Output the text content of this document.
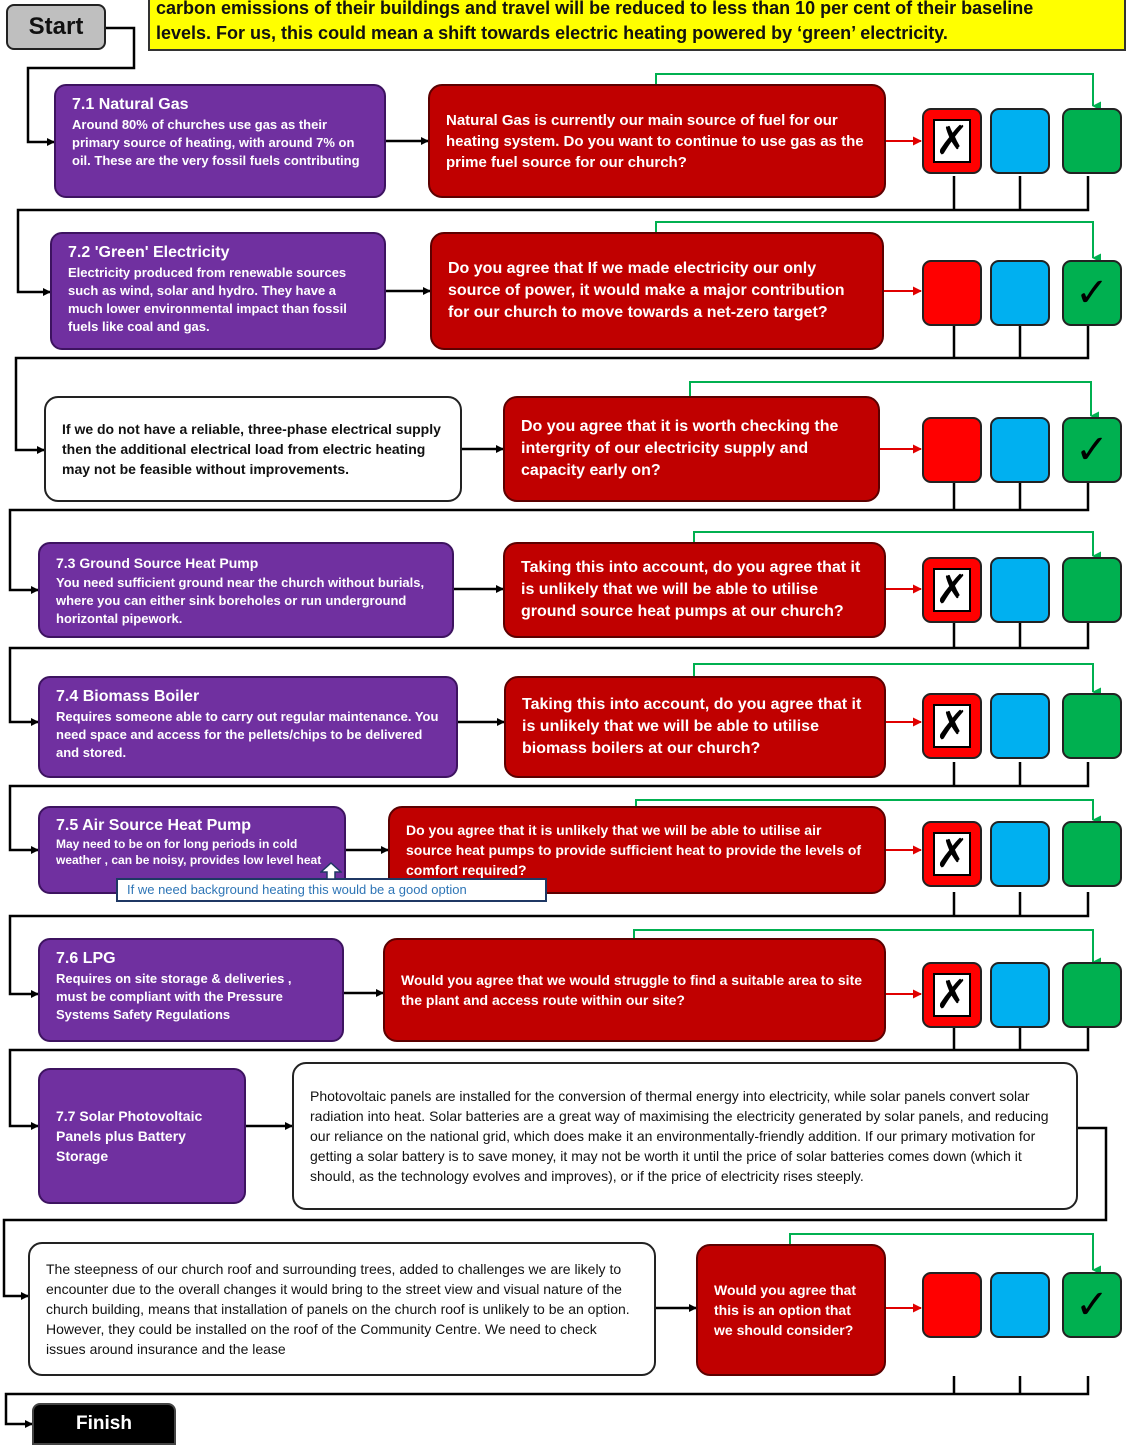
Start
carbon emissions of their buildings and travel will be reduced to less than 10 per cent of their baseline
levels. For us, this could mean a shift towards electric heating powered by ‘green’ electricity.
7.1 Natural Gas
Around 80% of churches use gas as their primary source of heating, with around 7% on oil. These are the very fossil fuels contributing
Natural Gas is currently our main source of fuel for our heating system. Do you want to continue to use gas as the prime fuel source for our church?	✗
7.2 'Green' Electricity
Electricity produced from renewable sources such as wind, solar and hydro. They have a much lower environmental impact than fossil fuels like coal and gas.
Do you agree that If we made electricity our only source of power, it would make a major contribution for our church to move towards a net-zero target?	✓
If we do not have a reliable, three-phase electrical supply then the additional electrical load from electric heating may not be feasible without improvements.
Do you agree that it is worth checking the intergrity of our electricity supply and capacity early on?	✓
7.3 Ground Source Heat Pump
You need sufficient ground near the church without burials, where you can either sink boreholes or run underground horizontal pipework.
Taking this into account, do you agree that it is unlikely that we will be able to utilise ground source heat pumps at our church?	✗
7.4 Biomass Boiler
Requires someone able to carry out regular maintenance. You need space and access for the pellets/chips to be delivered and stored.
Taking this into account, do you agree that it is unlikely that we will be able to utilise biomass boilers at our church?
✗
7.5 Air Source Heat Pump
May need to be on for long periods in cold weather , can be noisy, provides low level heat
Do you agree that it is unlikely that we will be able to utilise air source heat pumps to provide sufficient heat to provide the levels of comfort required?
If we need background heating this would be a good option
✗
7.6 LPG
Requires on site storage & deliveries , must be compliant with the Pressure Systems Safety Regulations
Would you agree that we would struggle to find a suitable area to site the plant and access route within our site?	✗
7.7 Solar Photovoltaic Panels plus Battery Storage
Photovoltaic panels are installed for the conversion of thermal energy into electricity, while solar panels convert solar radiation into heat. Solar batteries are a great way of maximising the electricity generated by solar panels, and reducing our reliance on the national grid, which does make it an environmentally-friendly addition. If our primary motivation for getting a solar battery is to save money, it may not be worth it until the price of solar batteries comes down (which it should, as the technology evolves and improves), or if the price of electricity rises steeply.
The steepness of our church roof and surrounding trees, added to challenges we are likely to encounter due to the overall changes it would bring to the street view and visual nature of the church building, means that installation of panels on the church roof is unlikely to be an option. However, they could be installed on the roof of the Community Centre. We need to check issues around insurance and the lease
Would you agree that this is an option that we should consider?
✓
Finish
